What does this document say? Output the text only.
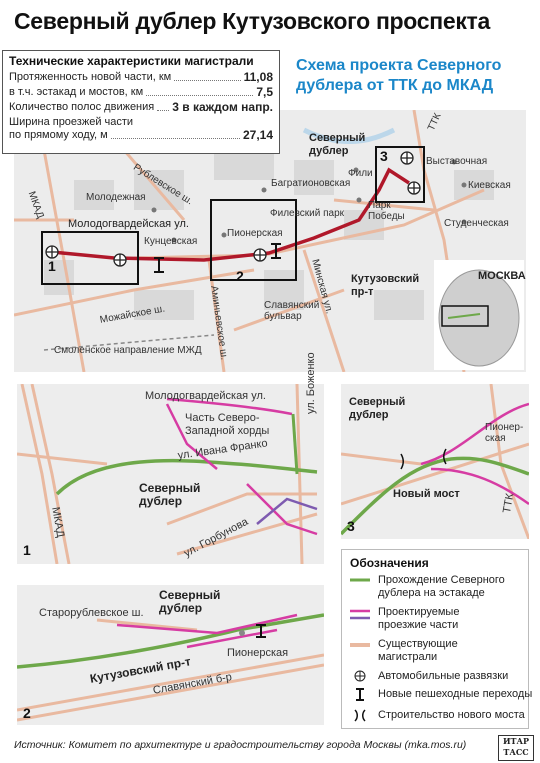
Северный дублер Кутузовского проспекта
Технические характеристики магистрали
Протяженность новой части, км	11,08
в т.ч. эстакад и мостов, км	7,5
Количество полос движения 3 в каждом напр.
Ширина проезжей части
по прямому ходу, м	27,14
Схема проекта Северного
дублера от ТТК до МКАД
1
2
3
МКАД	Рублевское ш.
Молодежная
Молодогвардейская ул.
Кунцевская
Пионерская
Филевский парк
Багратионовская
Фили
Парк
Победы
Выставочная
Киевская
Студенческая
ТТК
Северный
дублер
Кутузовский
пр-т
Минская ул.
Аминьевское ш.	Славянский
бульвар
Можайское ш.
Смоленское направление МЖД
МОСКВА
Молодогвардейская ул.
Часть Северо-
Западной хорды
ул. Ивана Франко
ул. Боженко
Северный
дублер
МКАД	ул. Горбунова
1
Северный
дублер
Старорублевское ш.
Пионерская
Кутузовский пр-т
Славянский б-р
2
Северный
дублер
Пионер-
ская
Новый мост	ТТК
3
Обозначения
Прохождение Северного
дублера на эстакаде
Проектируемые
проезжие части
Существующие
магистрали
Автомобильные развязки
Новые пешеходные переходы
Строительство нового моста
Источник: Комитет по архитектуре и градостроительству города Москвы (mka.mos.ru)	ИТАР
ТАСС
